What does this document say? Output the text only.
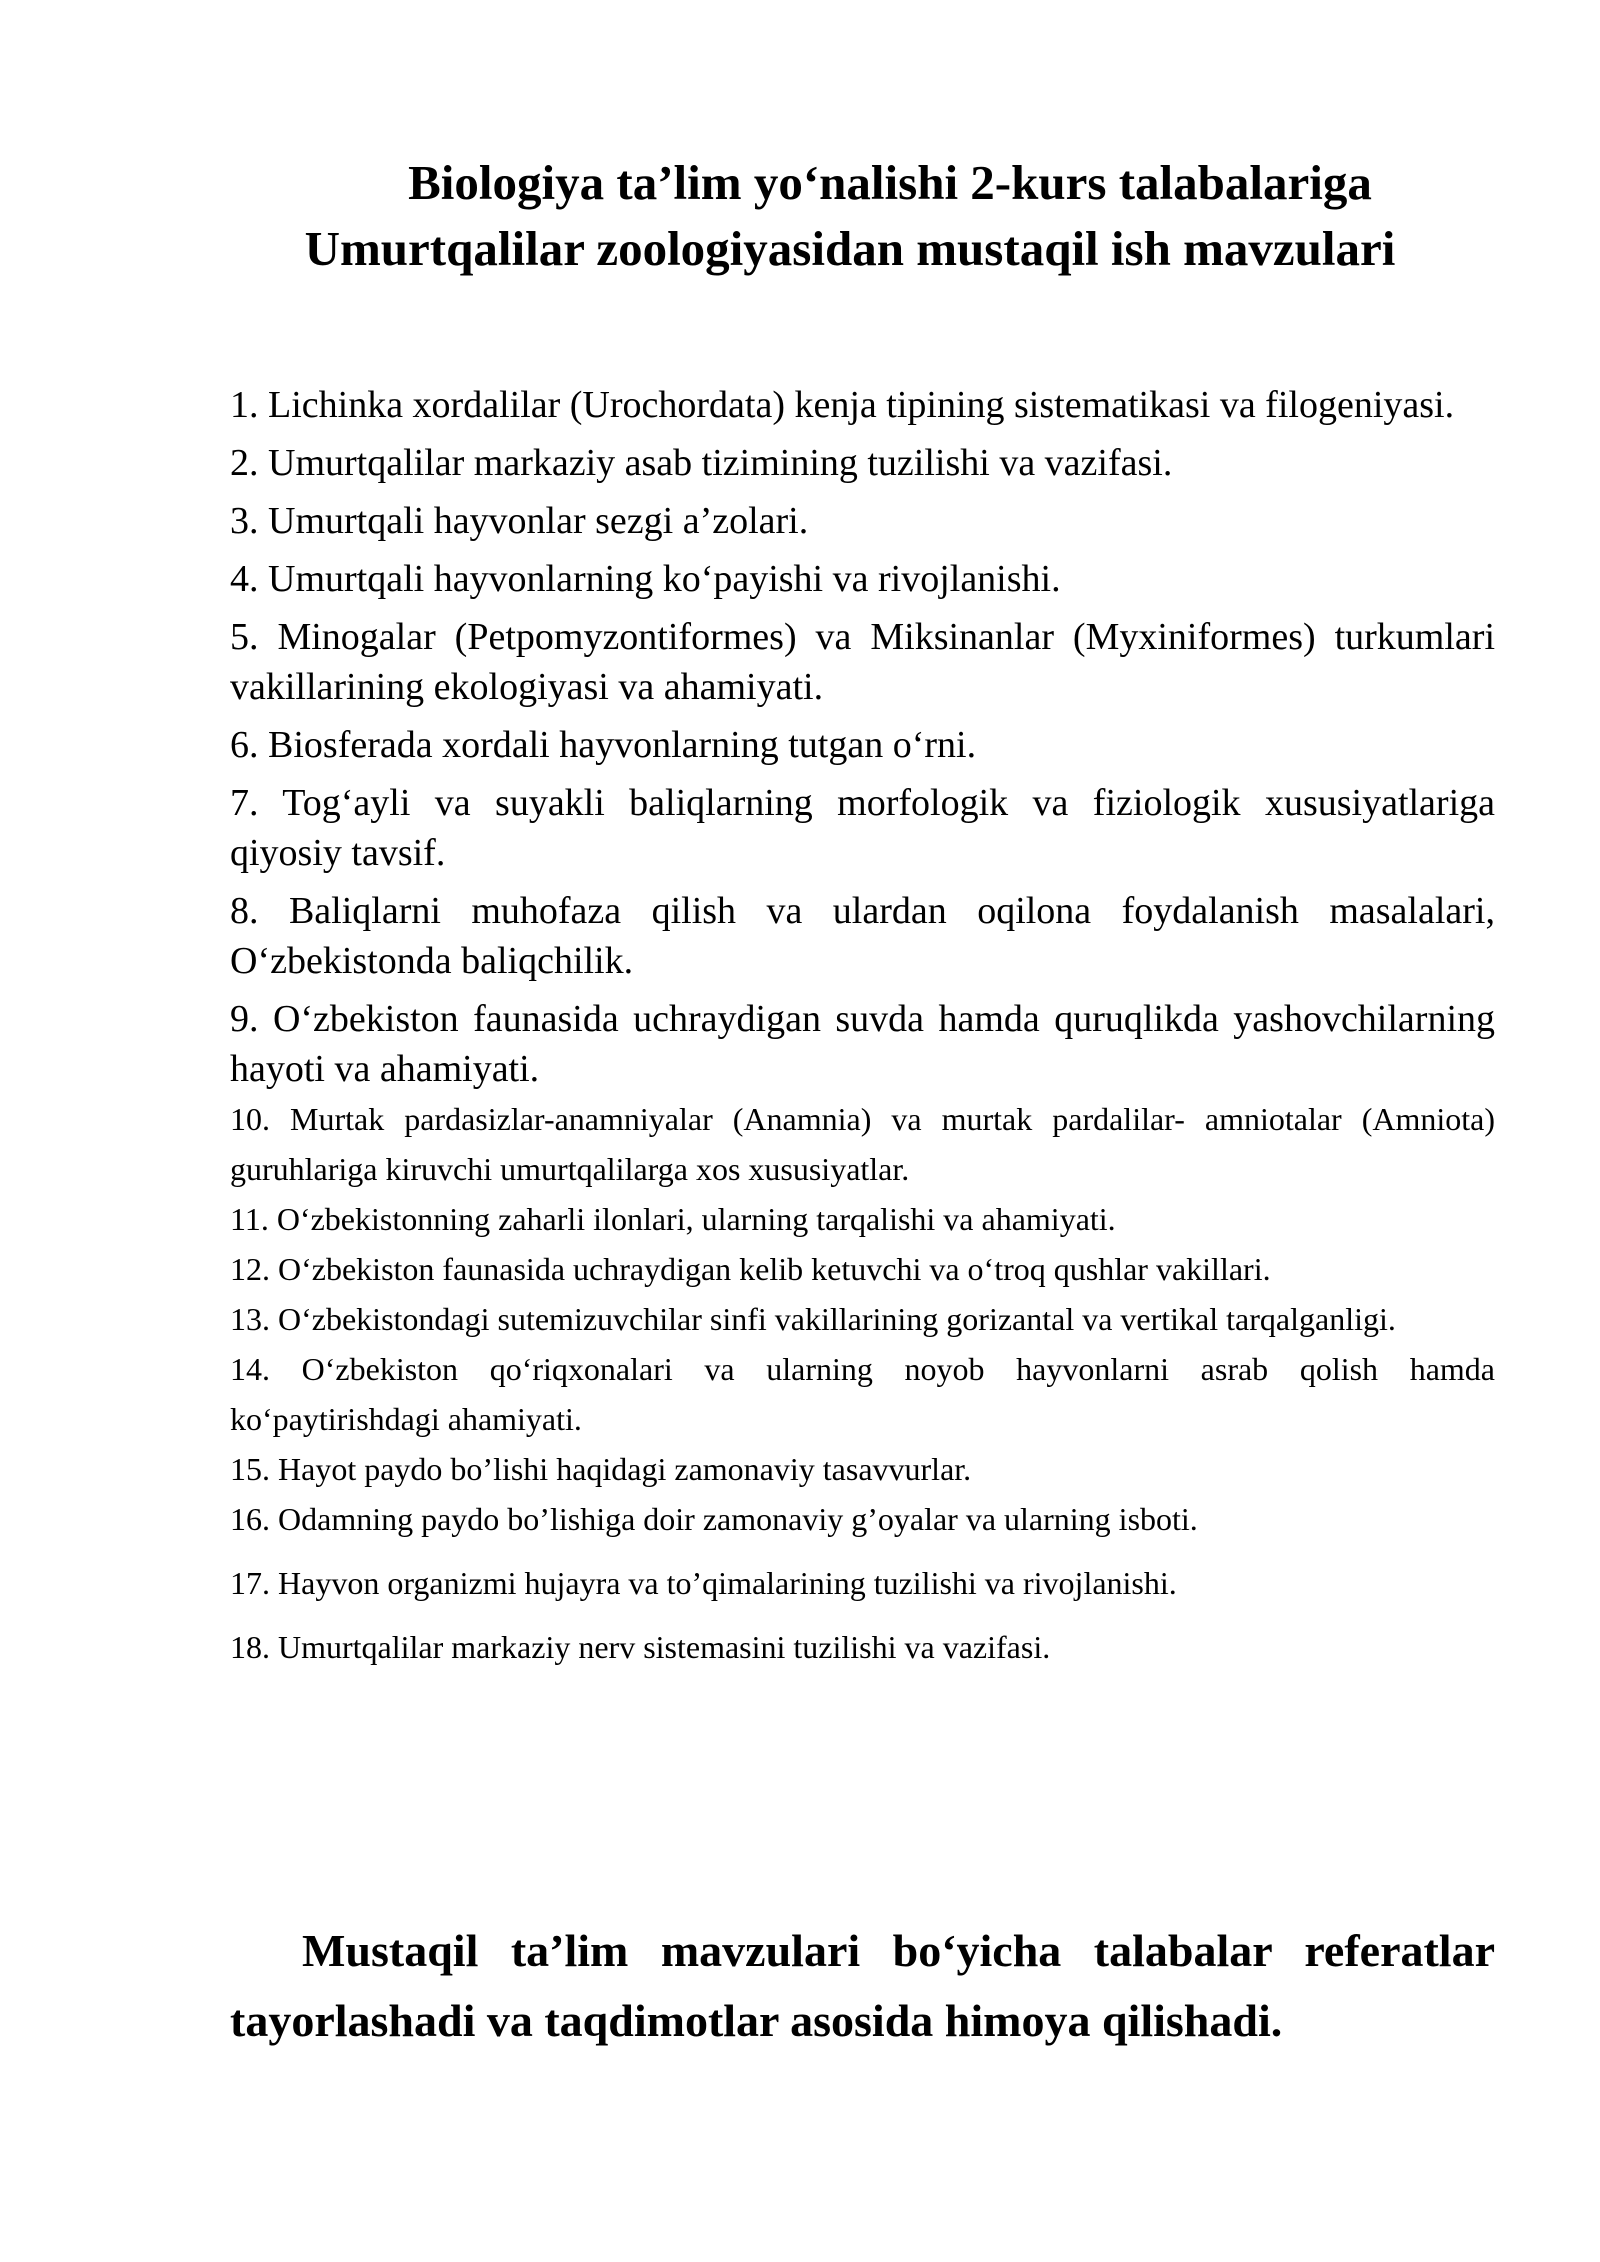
Biologiya ta’lim yo‘nalishi 2-kurs talabalariga
Umurtqalilar zoologiyasidan mustaqil ish mavzulari

1. Lichinka xordalilar (Urochordata) kenja tipining sistematikasi va filogeniyasi.

2. Umurtqalilar markaziy asab tizimining tuzilishi va vazifasi.

3. Umurtqali hayvonlar sezgi a’zolari.

4. Umurtqali hayvonlarning ko‘payishi va rivojlanishi.

5. Minogalar (Petpomyzontiformes) va Miksinanlar (Myxiniformes) turkumlari vakillarining ekologiyasi va ahamiyati.

6. Biosferada xordali hayvonlarning tutgan o‘rni.

7. Tog‘ayli va suyakli baliqlarning morfologik va fiziologik xususiyatlariga qiyosiy tavsif.

8. Baliqlarni muhofaza qilish va ulardan oqilona foydalanish masalalari, O‘zbekistonda baliqchilik.

9. O‘zbekiston faunasida uchraydigan suvda hamda quruqlikda yashovchilarning hayoti va ahamiyati.

10. Murtak pardasizlar-anamniyalar (Anamnia) va murtak pardalilar- amniotalar (Amniota) guruhlariga kiruvchi umurtqalilarga xos xususiyatlar.

11. O‘zbekistonning zaharli ilonlari, ularning tarqalishi va ahamiyati.

12. O‘zbekiston faunasida uchraydigan kelib ketuvchi va o‘troq qushlar vakillari.

13. O‘zbekistondagi sutemizuvchilar sinfi vakillarining gorizantal va vertikal tarqalganligi.

14. O‘zbekiston qo‘riqxonalari va ularning noyob hayvonlarni asrab qolish hamda ko‘paytirishdagi ahamiyati.

15. Hayot paydo bo’lishi haqidagi zamonaviy tasavvurlar.

16. Odamning paydo bo’lishiga doir zamonaviy g’oyalar va ularning isboti.

17. Hayvon organizmi hujayra va to’qimalarining tuzilishi va rivojlanishi.

18. Umurtqalilar markaziy nerv sistemasini tuzilishi va vazifasi.

Mustaqil ta’lim mavzulari bo‘yicha talabalar referatlar tayorlashadi va taqdimotlar asosida himoya qilishadi.
